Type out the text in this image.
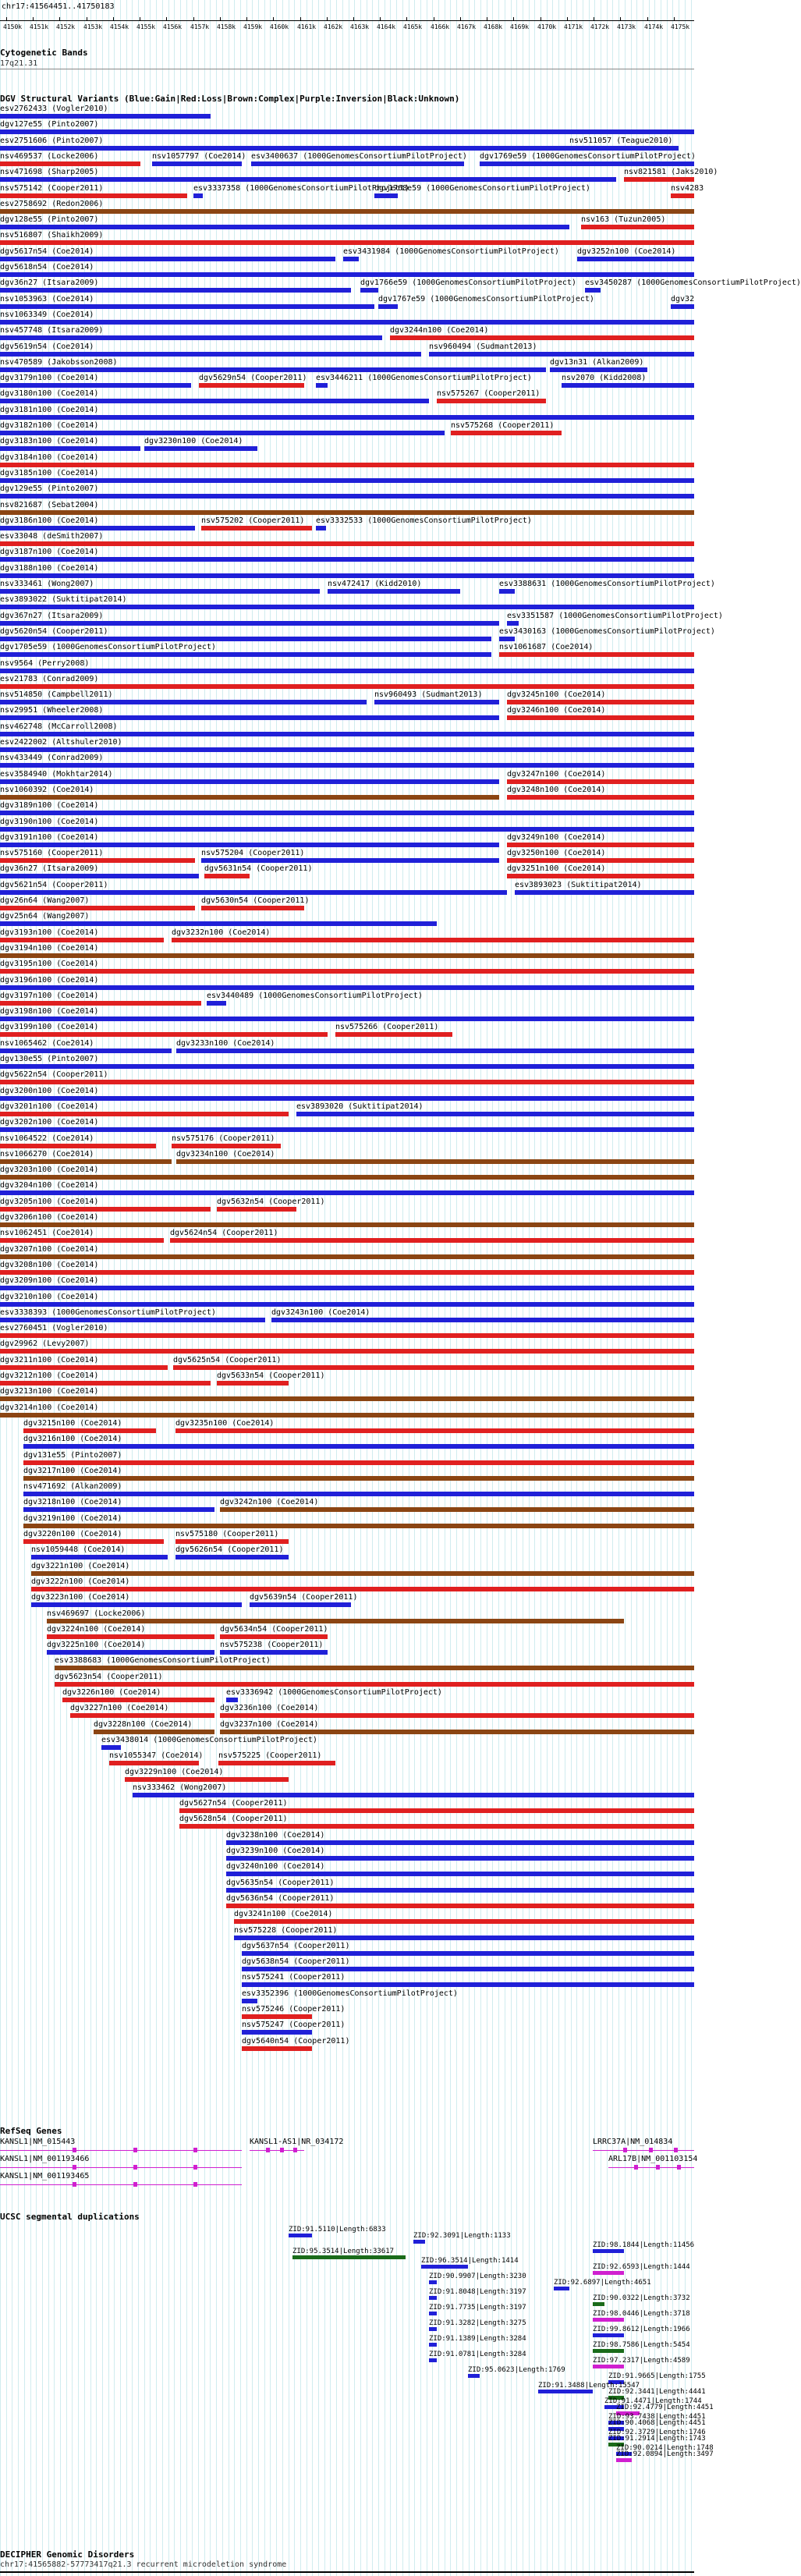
chr17:41564451..41750183
4150k 4151k 4152k 4153k 4154k 4155k 4156k 4157k 4158k 4159k 4160k 4161k 4162k 4163k 4164k 4165k 4166k 4167k 4168k 4169k 4170k 4171k 4172k 4173k 4174k 4175k
Cytogenetic Bands
17q21.31
DGV Structural Variants (Blue:Gain|Red:Loss|Brown:Complex|Purple:Inversion|Black:Unknown)
esv2762433 (Vogler2010)
dgv127e55 (Pinto2007)
esv2751606 (Pinto2007)	nsv511057 (Teague2010)
nsv469537 (Locke2006)	nsv1057797 (Coe2014) esv3400637 (1000GenomesConsortiumPilotProject) dgv1769e59 (1000GenomesConsortiumPilotProject)
nsv471698 (Sharp2005)	nsv821581 (Jaks2010)
nsv575142 (Cooper2011)	esv3337358 (1000GenomesConsortiumPilotProject)
dgv1768e59 (1000GenomesConsortiumPilotProject)	nsv4283
esv2758692 (Redon2006)
dgv128e55 (Pinto2007)	nsv163 (Tuzun2005)
nsv516807 (Shaikh2009)
dgv5617n54 (Coe2014)	esv3431984 (1000GenomesConsortiumPilotProject) dgv3252n100 (Coe2014)
dgv5618n54 (Coe2014)
dgv36n27 (Itsara2009)	dgv1766e59 (1000GenomesConsortiumPilotProject) esv3450287 (1000GenomesConsortiumPilotProject)
nsv1053963 (Coe2014)	dgv1767e59 (1000GenomesConsortiumPilotProject)	dgv32
nsv1063349 (Coe2014)
nsv457748 (Itsara2009)	dgv3244n100 (Coe2014)
dgv5619n54 (Coe2014)	nsv960494 (Sudmant2013)
nsv470589 (Jakobsson2008)	dgv13n31 (Alkan2009)
dgv3179n100 (Coe2014)	dgv5629n54 (Cooper2011) esv3446211 (1000GenomesConsortiumPilotProject)	nsv2070 (Kidd2008)
dgv3180n100 (Coe2014)	nsv575267 (Cooper2011)
dgv3181n100 (Coe2014)
dgv3182n100 (Coe2014)	nsv575268 (Cooper2011)
dgv3183n100 (Coe2014)	dgv3230n100 (Coe2014)
dgv3184n100 (Coe2014)
dgv3185n100 (Coe2014)
dgv129e55 (Pinto2007)
nsv821687 (Sebat2004)
dgv3186n100 (Coe2014)	nsv575202 (Cooper2011) esv3332533 (1000GenomesConsortiumPilotProject)
esv33048 (deSmith2007)
dgv3187n100 (Coe2014)
dgv3188n100 (Coe2014)
nsv333461 (Wong2007)	nsv472417 (Kidd2010)	esv3388631 (1000GenomesConsortiumPilotProject)
esv3893022 (Suktitipat2014)
dgv367n27 (Itsara2009)	esv3351587 (1000GenomesConsortiumPilotProject)
dgv5620n54 (Cooper2011)	esv3430163 (1000GenomesConsortiumPilotProject)
dgv1705e59 (1000GenomesConsortiumPilotProject)	nsv1061687 (Coe2014)
nsv9564 (Perry2008)
esv21783 (Conrad2009)
nsv514850 (Campbell2011)	nsv960493 (Sudmant2013)	dgv3245n100 (Coe2014)
nsv29951 (Wheeler2008)	dgv3246n100 (Coe2014)
nsv462748 (McCarroll2008)
esv2422002 (Altshuler2010)
nsv433449 (Conrad2009)
esv3584940 (Mokhtar2014)	dgv3247n100 (Coe2014)
nsv1060392 (Coe2014)	dgv3248n100 (Coe2014)
dgv3189n100 (Coe2014)
dgv3190n100 (Coe2014)
dgv3191n100 (Coe2014)	dgv3249n100 (Coe2014)
nsv575160 (Cooper2011)	nsv575204 (Cooper2011)	dgv3250n100 (Coe2014)
dgv36n27 (Itsara2009)	dgv5631n54 (Cooper2011)	dgv3251n100 (Coe2014)
dgv5621n54 (Cooper2011)	esv3893023 (Suktitipat2014)
dgv26n64 (Wang2007)	dgv5630n54 (Cooper2011)
dgv25n64 (Wang2007)
dgv3193n100 (Coe2014)	dgv3232n100 (Coe2014)
dgv3194n100 (Coe2014)
dgv3195n100 (Coe2014)
dgv3196n100 (Coe2014)
dgv3197n100 (Coe2014)	esv3440489 (1000GenomesConsortiumPilotProject)
dgv3198n100 (Coe2014)
dgv3199n100 (Coe2014)	nsv575266 (Cooper2011)
nsv1065462 (Coe2014)	dgv3233n100 (Coe2014)
dgv130e55 (Pinto2007)
dgv5622n54 (Cooper2011)
dgv3200n100 (Coe2014)
dgv3201n100 (Coe2014)	esv3893020 (Suktitipat2014)
dgv3202n100 (Coe2014)
nsv1064522 (Coe2014)	nsv575176 (Cooper2011)
nsv1066270 (Coe2014)	dgv3234n100 (Coe2014)
dgv3203n100 (Coe2014)
dgv3204n100 (Coe2014)
dgv3205n100 (Coe2014)	dgv5632n54 (Cooper2011)
dgv3206n100 (Coe2014)
nsv1062451 (Coe2014)	dgv5624n54 (Cooper2011)
dgv3207n100 (Coe2014)
dgv3208n100 (Coe2014)
dgv3209n100 (Coe2014)
dgv3210n100 (Coe2014)
esv3338393 (1000GenomesConsortiumPilotProject)	dgv3243n100 (Coe2014)
esv2760451 (Vogler2010)
dgv29962 (Levy2007)
dgv3211n100 (Coe2014)	dgv5625n54 (Cooper2011)
dgv3212n100 (Coe2014)	dgv5633n54 (Cooper2011)
dgv3213n100 (Coe2014)
dgv3214n100 (Coe2014)
dgv3215n100 (Coe2014)	dgv3235n100 (Coe2014)
dgv3216n100 (Coe2014)
dgv131e55 (Pinto2007)
dgv3217n100 (Coe2014)
nsv471692 (Alkan2009)
dgv3218n100 (Coe2014)	dgv3242n100 (Coe2014)
dgv3219n100 (Coe2014)
dgv3220n100 (Coe2014)	nsv575180 (Cooper2011)
nsv1059448 (Coe2014)	dgv5626n54 (Cooper2011)
dgv3221n100 (Coe2014)
dgv3222n100 (Coe2014)
dgv3223n100 (Coe2014)	dgv5639n54 (Cooper2011)
nsv469697 (Locke2006)
dgv3224n100 (Coe2014)	dgv5634n54 (Cooper2011)
dgv3225n100 (Coe2014)	nsv575238 (Cooper2011)
esv3388683 (1000GenomesConsortiumPilotProject)
dgv5623n54 (Cooper2011)
dgv3226n100 (Coe2014)	esv3336942 (1000GenomesConsortiumPilotProject)
dgv3227n100 (Coe2014)	dgv3236n100 (Coe2014)
dgv3228n100 (Coe2014)	dgv3237n100 (Coe2014)
esv3438014 (1000GenomesConsortiumPilotProject)
nsv1055347 (Coe2014) nsv575225 (Cooper2011)
dgv3229n100 (Coe2014)
nsv333462 (Wong2007)
dgv5627n54 (Cooper2011)
dgv5628n54 (Cooper2011)
dgv3238n100 (Coe2014)
dgv3239n100 (Coe2014)
dgv3240n100 (Coe2014)
dgv5635n54 (Cooper2011)
dgv5636n54 (Cooper2011)
dgv3241n100 (Coe2014)
nsv575228 (Cooper2011)
dgv5637n54 (Cooper2011)
dgv5638n54 (Cooper2011)
nsv575241 (Cooper2011)
esv3352396 (1000GenomesConsortiumPilotProject)
nsv575246 (Cooper2011)
nsv575247 (Cooper2011)
dgv5640n54 (Cooper2011)
RefSeq Genes
KANSL1|NM_015443
KANSL1|NM_001193466
KANSL1|NM_001193465
KANSL1-AS1|NR_034172	LRRC37A|NM_014834
ARL17B|NM_001103154
UCSC segmental duplications
ZID:91.5110|Length:6833
ZID:92.3091|Length:1133
ZID:98.1844|Length:11456
ZID:95.3514|Length:33617
ZID:96.3514|Length:1414
ZID:92.6593|Length:1444
ZID:90.9907|Length:3230
ZID:92.6897|Length:4651
ZID:91.8048|Length:3197
ZID:90.0322|Length:3732
ZID:91.7735|Length:3197
ZID:98.0446|Length:3718
ZID:91.3282|Length:3275
ZID:99.8612|Length:1966
ZID:91.1389|Length:3284
ZID:98.7586|Length:5454
ZID:91.0781|Length:3284
ZID:97.2317|Length:4589
ZID:95.0623|Length:1769
ZID:91.9665|Length:1755
ZID:91.3488|Length:15547
ZID:92.3441|Length:4441
ZID:91.4471|Length:1744
ZID:92.4779|Length:4451
ZID:93.7438|Length:4451
ZID:90.4068|Length:4451
ZID:92.3729|Length:1746
ZID:91.2914|Length:1743
ZID:90.0214|Length:1748
ZID:92.0894|Length:3497
DECIPHER Genomic Disorders
chr17:41565882-57773417q21.3 recurrent microdeletion syndrome
